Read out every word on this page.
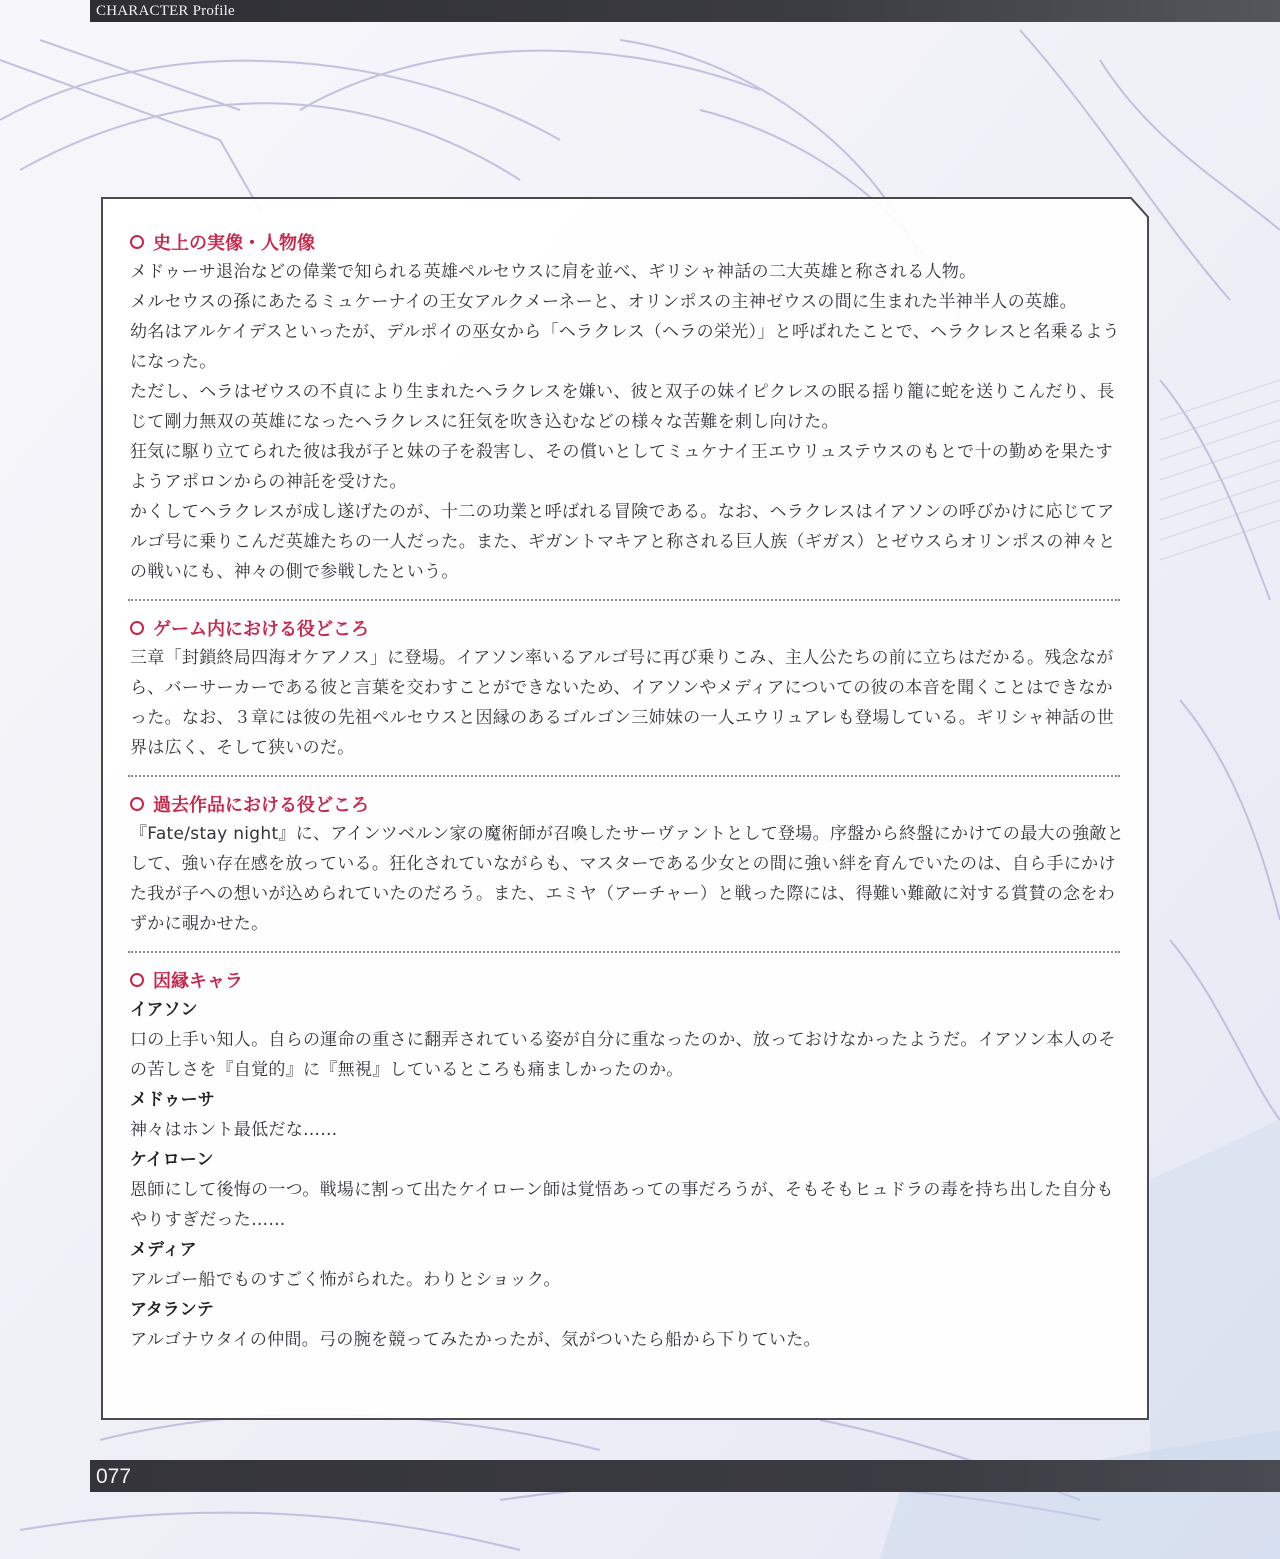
CHARACTER Profile
史上の実像・人物像

メドゥーサ退治などの偉業で知られる英雄ペルセウスに肩を並べ、ギリシャ神話の二大英雄と称される人物。

メルセウスの孫にあたるミュケーナイの王女アルクメーネーと、オリンポスの主神ゼウスの間に生まれた半神半人の英雄。

幼名はアルケイデスといったが、デルポイの巫女から「ヘラクレス（ヘラの栄光）」と呼ばれたことで、ヘラクレスと名乗るようになった。

ただし、ヘラはゼウスの不貞により生まれたヘラクレスを嫌い、彼と双子の妹イピクレスの眠る揺り籠に蛇を送りこんだり、長じて剛力無双の英雄になったヘラクレスに狂気を吹き込むなどの様々な苦難を刺し向けた。

狂気に駆り立てられた彼は我が子と妹の子を殺害し、その償いとしてミュケナイ王エウリュステウスのもとで十の勤めを果たすようアポロンからの神託を受けた。

かくしてヘラクレスが成し遂げたのが、十二の功業と呼ばれる冒険である。なお、ヘラクレスはイアソンの呼びかけに応じてアルゴ号に乗りこんだ英雄たちの一人だった。また、ギガントマキアと称される巨人族（ギガス）とゼウスらオリンポスの神々との戦いにも、神々の側で参戦したという。

ゲーム内における役どころ

三章「封鎖終局四海オケアノス」に登場。イアソン率いるアルゴ号に再び乗りこみ、主人公たちの前に立ちはだかる。残念ながら、バーサーカーである彼と言葉を交わすことができないため、イアソンやメディアについての彼の本音を聞くことはできなかった。なお、３章には彼の先祖ペルセウスと因縁のあるゴルゴン三姉妹の一人エウリュアレも登場している。ギリシャ神話の世界は広く、そして狭いのだ。

過去作品における役どころ

『Fate/stay night』に、アインツベルン家の魔術師が召喚したサーヴァントとして登場。序盤から終盤にかけての最大の強敵として、強い存在感を放っている。狂化されていながらも、マスターである少女との間に強い絆を育んでいたのは、自ら手にかけた我が子への想いが込められていたのだろう。また、エミヤ（アーチャー）と戦った際には、得難い難敵に対する賞賛の念をわずかに覗かせた。

因縁キャラ

イアソン

口の上手い知人。自らの運命の重さに翻弄されている姿が自分に重なったのか、放っておけなかったようだ。イアソン本人のその苦しさを『自覚的』に『無視』しているところも痛ましかったのか。

メドゥーサ

神々はホント最低だな……

ケイローン

恩師にして後悔の一つ。戦場に割って出たケイローン師は覚悟あっての事だろうが、そもそもヒュドラの毒を持ち出した自分もやりすぎだった……

メディア

アルゴー船でものすごく怖がられた。わりとショック。

アタランテ

アルゴナウタイの仲間。弓の腕を競ってみたかったが、気がついたら船から下りていた。

077
